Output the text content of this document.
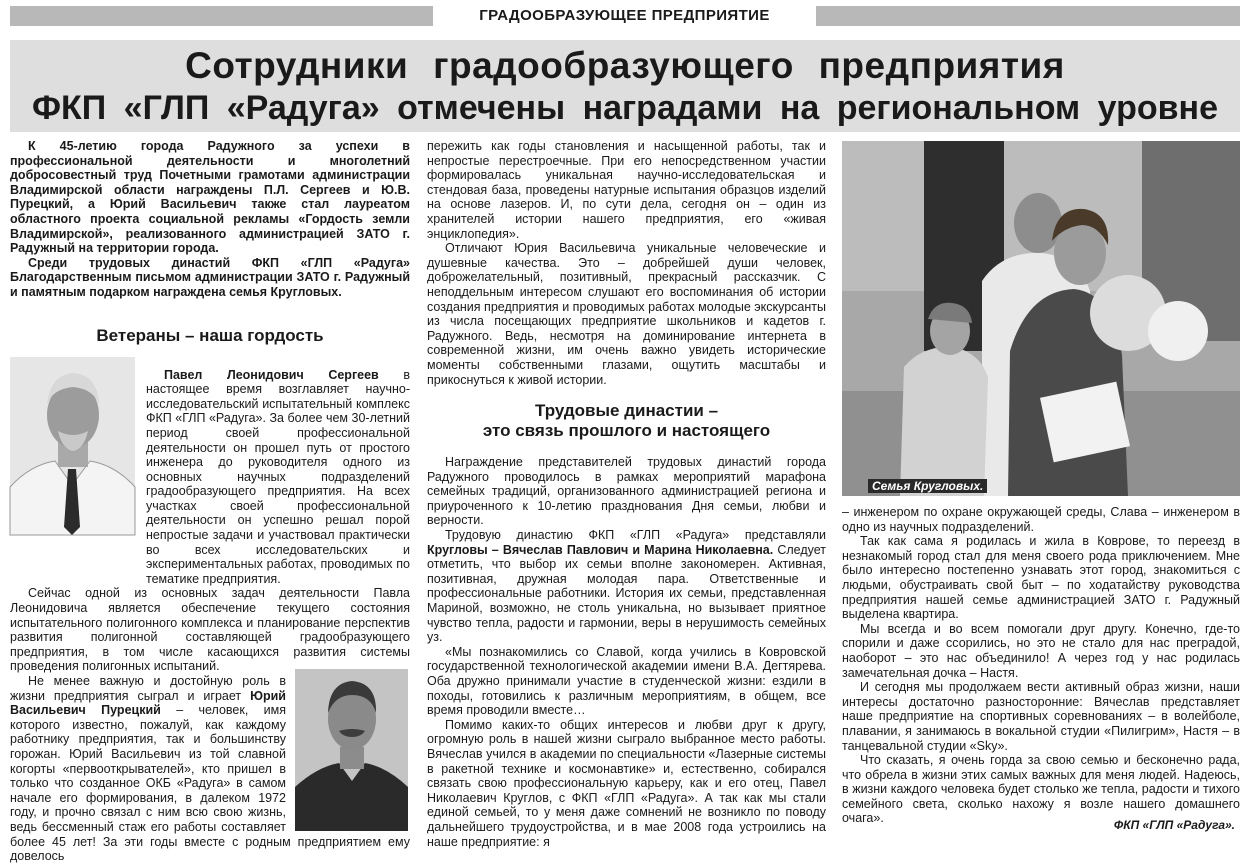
ГРАДООБРАЗУЮЩЕЕ ПРЕДПРИЯТИЕ
Сотрудники градообразующего предприятия
ФКП «ГЛП «Радуга» отмечены наградами на региональном уровне

К 45-летию города Радужного за успехи в профессиональной деятельности и многолетний добросовестный труд Почетными грамотами администрации Владимирской области награждены П.Л. Сергеев и Ю.В. Пурецкий, а Юрий Васильевич также стал лауреатом областного проекта социальной рекламы «Гордость земли Владимирской», реализованного администрацией ЗАТО г. Радужный на территории города.

Среди трудовых династий ФКП «ГЛП «Радуга» Благодарственным письмом администрации ЗАТО г. Радужный и памятным подарком награждена семья Кругловых.

Ветераны – наша гордость

Павел Леонидович Сергеев в настоящее время возглавляет научно-исследовательский испытательный комплекс ФКП «ГЛП «Радуга». За более чем 30-летний период своей профессиональной деятельности он прошел путь от простого инженера до руководителя одного из основных научных подразделений градообразующего предприятия. На всех участках своей профессиональной деятельности он успешно решал порой непростые задачи и участвовал практически во всех исследовательских и экспериментальных работах, проводимых по тематике предприятия.

Сейчас одной из основных задач деятельности Павла Леонидовича является обеспечение текущего состояния испытательного полигонного комплекса и планирование перспектив развития полигонной составляющей градообразующего предприятия, в том числе касающихся развития системы проведения полигонных испытаний.

Не менее важную и достойную роль в жизни предприятия сыграл и играет Юрий Васильевич Пурецкий – человек, имя которого известно, пожалуй, как каждому работнику предприятия, так и большинству горожан. Юрий Васильевич из той славной когорты «первооткрывателей», кто пришел в только что созданное ОКБ «Радуга» в самом начале его формирования, в далеком 1972 году, и прочно связал с ним всю свою жизнь, ведь бессменный стаж его работы составляет более 45 лет! За эти годы вместе с родным предприятием ему довелось

пережить как годы становления и насыщенной работы, так и непростые перестроечные. При его непосредственном участии формировалась уникальная научно-исследовательская и стендовая база, проведены натурные испытания образцов изделий на основе лазеров. И, по сути дела, сегодня он – один из хранителей истории нашего предприятия, его «живая энциклопедия».

Отличают Юрия Васильевича уникальные человеческие и душевные качества. Это – добрейшей души человек, доброжелательный, позитивный, прекрасный рассказчик. С неподдельным интересом слушают его воспоминания об истории создания предприятия и проводимых работах молодые экскурсанты из числа посещающих предприятие школьников и кадетов г. Радужного. Ведь, несмотря на доминирование интернета в современной жизни, им очень важно увидеть исторические моменты собственными глазами, ощутить масштабы и прикоснуться к живой истории.

Трудовые династии –
это связь прошлого и настоящего

Награждение представителей трудовых династий города Радужного проводилось в рамках мероприятий марафона семейных традиций, организованного администрацией региона и приуроченного к 10-летию празднования Дня семьи, любви и верности.

Трудовую династию ФКП «ГЛП «Радуга» представляли Кругловы – Вячеслав Павлович и Марина Николаевна. Следует отметить, что выбор их семьи вполне закономерен. Активная, позитивная, дружная молодая пара. Ответственные и профессиональные работники. История их семьи, представленная Мариной, возможно, не столь уникальна, но вызывает приятное чувство тепла, радости и гармонии, веры в нерушимость семейных уз.

«Мы познакомились со Славой, когда учились в Ковровской государственной технологической академии имени В.А. Дегтярева. Оба дружно принимали участие в студенческой жизни: ездили в походы, готовились к различным мероприятиям, в общем, все время проводили вместе…

Помимо каких-то общих интересов и любви друг к другу, огромную роль в нашей жизни сыграло выбранное место работы. Вячеслав учился в академии по специальности «Лазерные системы в ракетной технике и космонавтике» и, естественно, собирался связать свою профессиональную карьеру, как и его отец, Павел Николаевич Круглов, с ФКП «ГЛП «Радуга». А так как мы стали единой семьей, то у меня даже сомнений не возникло по поводу дальнейшего трудоустройства, и в мае 2008 года устроились на наше предприятие: я

Семья Кругловых.

– инженером по охране окружающей среды, Слава – инженером в одно из научных подразделений.

Так как сама я родилась и жила в Коврове, то переезд в незнакомый город стал для меня своего рода приключением. Мне было интересно постепенно узнавать этот город, знакомиться с людьми, обустраивать свой быт – по ходатайству руководства предприятия нашей семье администрацией ЗАТО г. Радужный выделена квартира.

Мы всегда и во всем помогали друг другу. Конечно, где-то спорили и даже ссорились, но это не стало для нас преградой, наоборот – это нас объединило! А через год у нас родилась замечательная дочка – Настя.

И сегодня мы продолжаем вести активный образ жизни, наши интересы достаточно разносторонние: Вячеслав представляет наше предприятие на спортивных соревнованиях – в волейболе, плавании, я занимаюсь в вокальной студии «Пилигрим», Настя – в танцевальной студии «Sky».

Что сказать, я очень горда за свою семью и бесконечно рада, что обрела в жизни этих самых важных для меня людей. Надеюсь, в жизни каждого человека будет столько же тепла, радости и тихого семейного света, сколько нахожу я возле нашего домашнего очага».	ФКП «ГЛП «Радуга».
